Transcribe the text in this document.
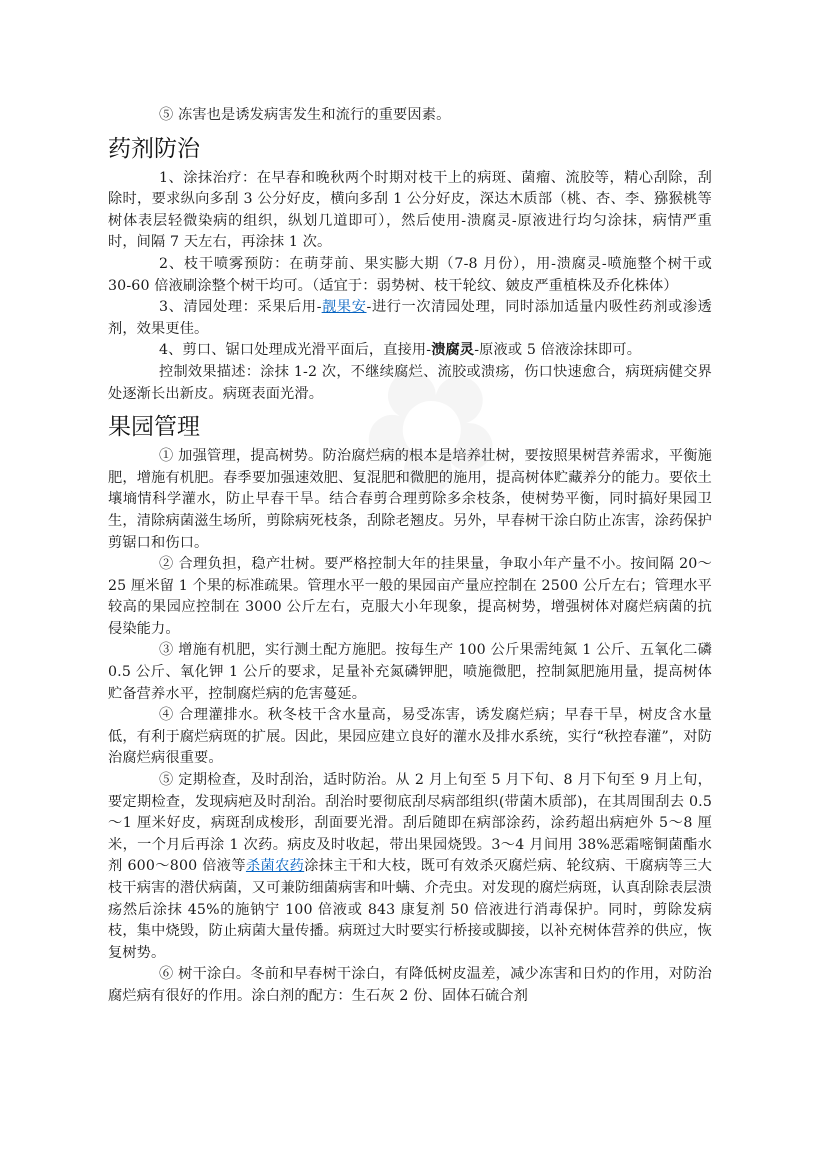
⑤ 冻害也是诱发病害发生和流行的重要因素。

药剂防治

1、涂抹治疗：在早春和晚秋两个时期对枝干上的病斑、菌瘤、流胶等，精心刮除，刮除时，要求纵向多刮 3 公分好皮，横向多刮 1 公分好皮，深达木质部（桃、杏、李、猕猴桃等树体表层轻微染病的组织，纵划几道即可），然后使用-溃腐灵-原液进行均匀涂抹，病情严重时，间隔 7 天左右，再涂抹 1 次。

2、枝干喷雾预防：在萌芽前、果实膨大期（7-8 月份），用-溃腐灵-喷施整个树干或 30-60 倍液刷涂整个树干均可。（适宜于：弱势树、枝干轮纹、皴皮严重植株及乔化株体）

3、清园处理：采果后用-靓果安-进行一次清园处理，同时添加适量内吸性药剂或渗透剂，效果更佳。

4、剪口、锯口处理成光滑平面后，直接用-溃腐灵-原液或 5 倍液涂抹即可。

控制效果描述：涂抹 1-2 次，不继续腐烂、流胶或溃疡，伤口快速愈合，病斑病健交界处逐渐长出新皮。病斑表面光滑。

果园管理

① 加强管理，提高树势。防治腐烂病的根本是培养壮树，要按照果树营养需求，平衡施肥，增施有机肥。春季要加强速效肥、复混肥和微肥的施用，提高树体贮藏养分的能力。要依土壤墒情科学灌水，防止早春干旱。结合春剪合理剪除多余枝条，使树势平衡，同时搞好果园卫生，清除病菌滋生场所，剪除病死枝条，刮除老翘皮。另外，早春树干涂白防止冻害，涂药保护剪锯口和伤口。

② 合理负担，稳产壮树。要严格控制大年的挂果量，争取小年产量不小。按间隔 20～25 厘米留 1 个果的标准疏果。管理水平一般的果园亩产量应控制在 2500 公斤左右；管理水平较高的果园应控制在 3000 公斤左右，克服大小年现象，提高树势，增强树体对腐烂病菌的抗侵染能力。

③ 增施有机肥，实行测土配方施肥。按每生产 100 公斤果需纯氮 1 公斤、五氧化二磷 0.5 公斤、氧化钾 1 公斤的要求，足量补充氮磷钾肥，喷施微肥，控制氮肥施用量，提高树体贮备营养水平，控制腐烂病的危害蔓延。

④ 合理灌排水。秋冬枝干含水量高，易受冻害，诱发腐烂病；早春干旱，树皮含水量低，有利于腐烂病斑的扩展。因此，果园应建立良好的灌水及排水系统，实行“秋控春灌”，对防治腐烂病很重要。

⑤ 定期检查，及时刮治，适时防治。从 2 月上旬至 5 月下旬、8 月下旬至 9 月上旬，要定期检查，发现病疤及时刮治。刮治时要彻底刮尽病部组织(带菌木质部)，在其周围刮去 0.5～1 厘米好皮，病斑刮成梭形，刮面要光滑。刮后随即在病部涂药，涂药超出病疤外 5～8 厘米，一个月后再涂 1 次药。病皮及时收起，带出果园烧毁。3～4 月间用 38%恶霜嘧铜菌酯水剂 600～800 倍液等杀菌农药涂抹主干和大枝，既可有效杀灭腐烂病、轮纹病、干腐病等三大枝干病害的潜伏病菌，又可兼防细菌病害和叶螨、介壳虫。对发现的腐烂病斑，认真刮除表层溃疡然后涂抹 45%的施钠宁 100 倍液或 843 康复剂 50 倍液进行消毒保护。同时，剪除发病枝，集中烧毁，防止病菌大量传播。病斑过大时要实行桥接或脚接，以补充树体营养的供应，恢复树势。

⑥ 树干涂白。冬前和早春树干涂白，有降低树皮温差，减少冻害和日灼的作用，对防治腐烂病有很好的作用。涂白剂的配方：生石灰 2 份、固体石硫合剂
